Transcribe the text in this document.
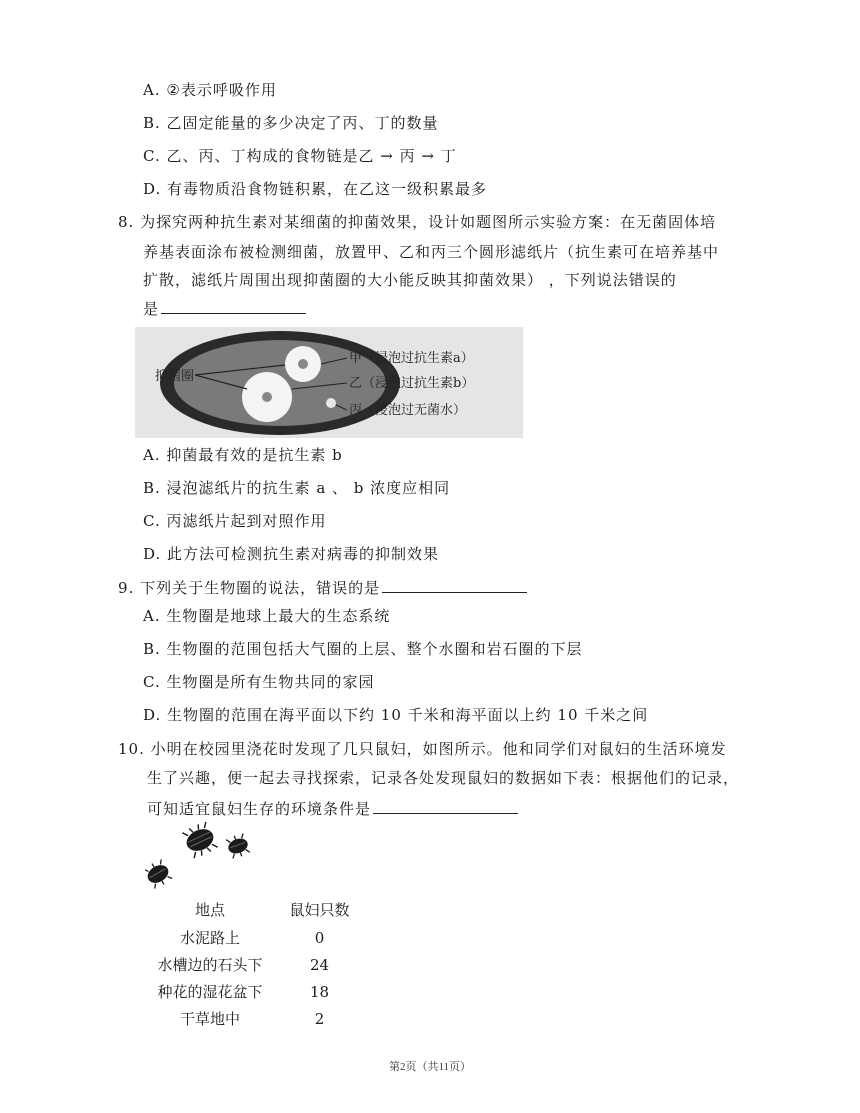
A. ②表示呼吸作用
B. 乙固定能量的多少决定了丙、丁的数量
C. 乙、丙、丁构成的食物链是乙 → 丙 → 丁
D. 有毒物质沿食物链积累，在乙这一级积累最多
8. 为探究两种抗生素对某细菌的抑菌效果，设计如题图所示实验方案：在无菌固体培
养基表面涂布被检测细菌，放置甲、乙和丙三个圆形滤纸片（抗生素可在培养基中
扩散，滤纸片周围出现抑菌圈的大小能反映其抑菌效果） ，下列说法错误的
是
抑菌圈
甲（浸泡过抗生素a）
乙（浸泡过抗生素b）
丙（浸泡过无菌水）
A. 抑菌最有效的是抗生素 b
B. 浸泡滤纸片的抗生素 a 、 b 浓度应相同
C. 丙滤纸片起到对照作用
D. 此方法可检测抗生素对病毒的抑制效果
9. 下列关于生物圈的说法，错误的是
A. 生物圈是地球上最大的生态系统
B. 生物圈的范围包括大气圈的上层、整个水圈和岩石圈的下层
C. 生物圈是所有生物共同的家园
D. 生物圈的范围在海平面以下约 10 千米和海平面以上约 10 千米之间
10. 小明在校园里浇花时发现了几只鼠妇，如图所示。他和同学们对鼠妇的生活环境发
生了兴趣，便一起去寻找探索，记录各处发现鼠妇的数据如下表：根据他们的记录，
可知适宜鼠妇生存的环境条件是
地点	鼠妇只数
水泥路上	0
水槽边的石头下	24
种花的湿花盆下	18
干草地中	2
第2页（共11页）
